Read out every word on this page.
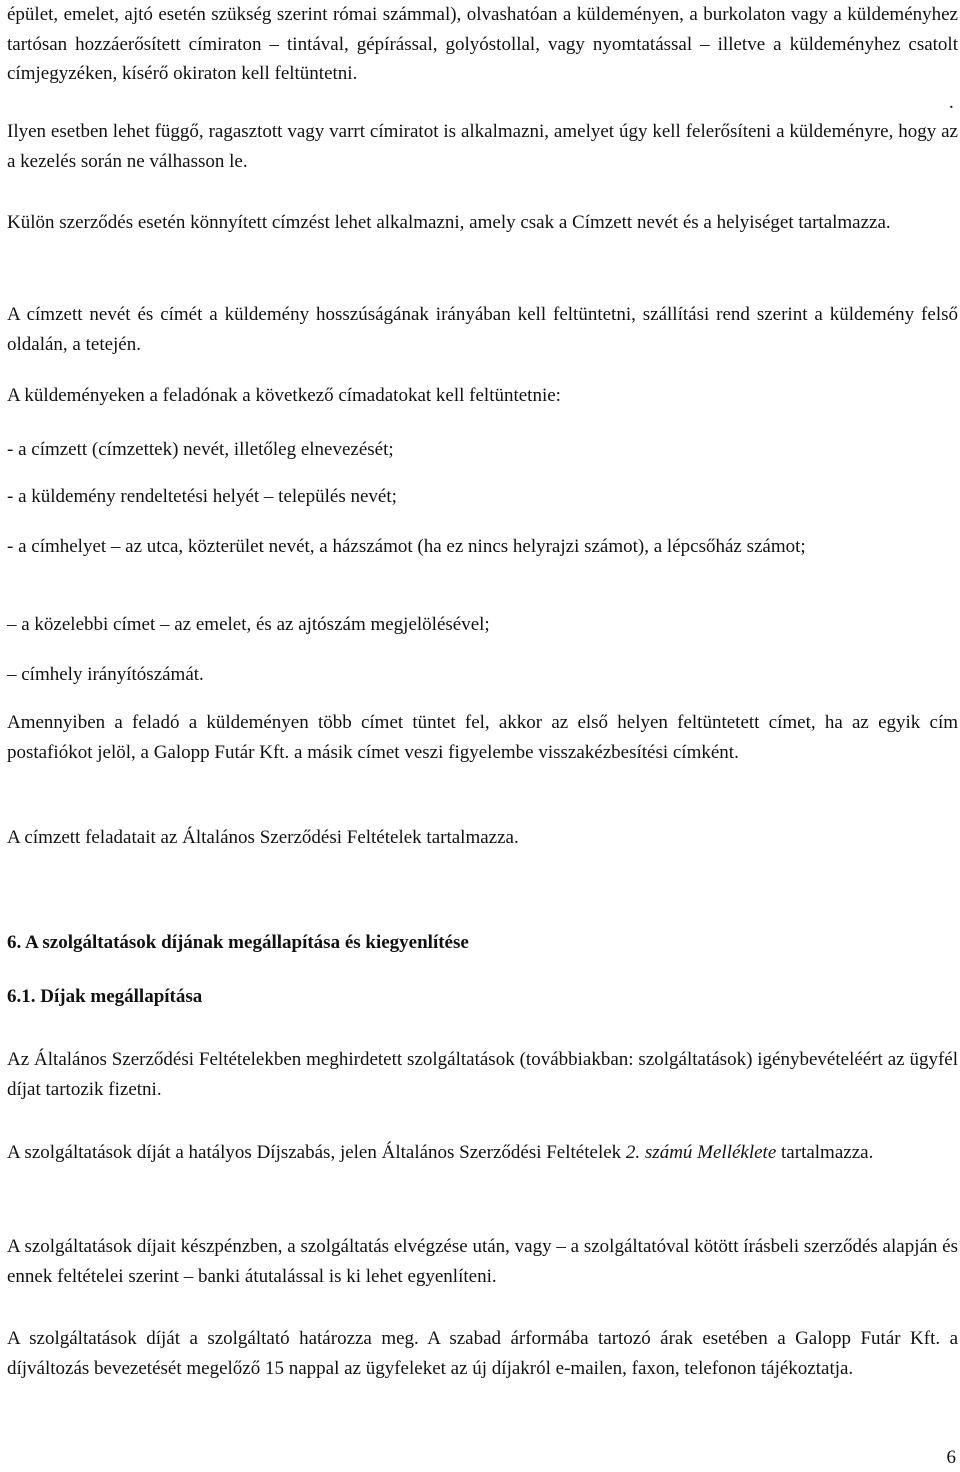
épület, emelet, ajtó esetén szükség szerint római számmal), olvashatóan a küldeményen, a burkolaton vagy a küldeményhez tartósan hozzáerősített címiraton – tintával, gépírással, golyóstollal, vagy nyomtatással – illetve a küldeményhez csatolt címjegyzéken, kísérő okiraton kell feltüntetni.

.

Ilyen esetben lehet függő, ragasztott vagy varrt címiratot is alkalmazni, amelyet úgy kell felerősíteni a küldeményre, hogy az a kezelés során ne válhasson le.

Külön szerződés esetén könnyített címzést lehet alkalmazni, amely csak a Címzett nevét és a helyiséget tartalmazza.

A címzett nevét és címét a küldemény hosszúságának irányában kell feltüntetni, szállítási rend szerint a küldemény felső oldalán, a tetején.

A küldeményeken a feladónak a következő címadatokat kell feltüntetnie:

- a címzett (címzettek) nevét, illetőleg elnevezését;

- a küldemény rendeltetési helyét – település nevét;

- a címhelyet – az utca, közterület nevét, a házszámot (ha ez nincs helyrajzi számot), a lépcsőház számot;

– a közelebbi címet – az emelet, és az ajtószám megjelölésével;

– címhely irányítószámát.

Amennyiben a feladó a küldeményen több címet tüntet fel, akkor az első helyen feltüntetett címet, ha az egyik cím postafiókot jelöl, a Galopp Futár Kft. a másik címet veszi figyelembe visszakézbesítési címként.

A címzett feladatait az Általános Szerződési Feltételek tartalmazza.

6. A szolgáltatások díjának megállapítása és kiegyenlítése

6.1. Díjak megállapítása

Az Általános Szerződési Feltételekben meghirdetett szolgáltatások (továbbiakban: szolgáltatások) igénybevételéért az ügyfél díjat tartozik fizetni.

A szolgáltatások díját a hatályos Díjszabás, jelen Általános Szerződési Feltételek 2. számú Melléklete tartalmazza.

A szolgáltatások díjait készpénzben, a szolgáltatás elvégzése után, vagy – a szolgáltatóval kötött írásbeli szerződés alapján és ennek feltételei szerint – banki átutalással is ki lehet egyenlíteni.

A szolgáltatások díját a szolgáltató határozza meg. A szabad árformába tartozó árak esetében a Galopp Futár Kft. a díjváltozás bevezetését megelőző 15 nappal az ügyfeleket az új díjakról e-mailen, faxon, telefonon tájékoztatja.

6
